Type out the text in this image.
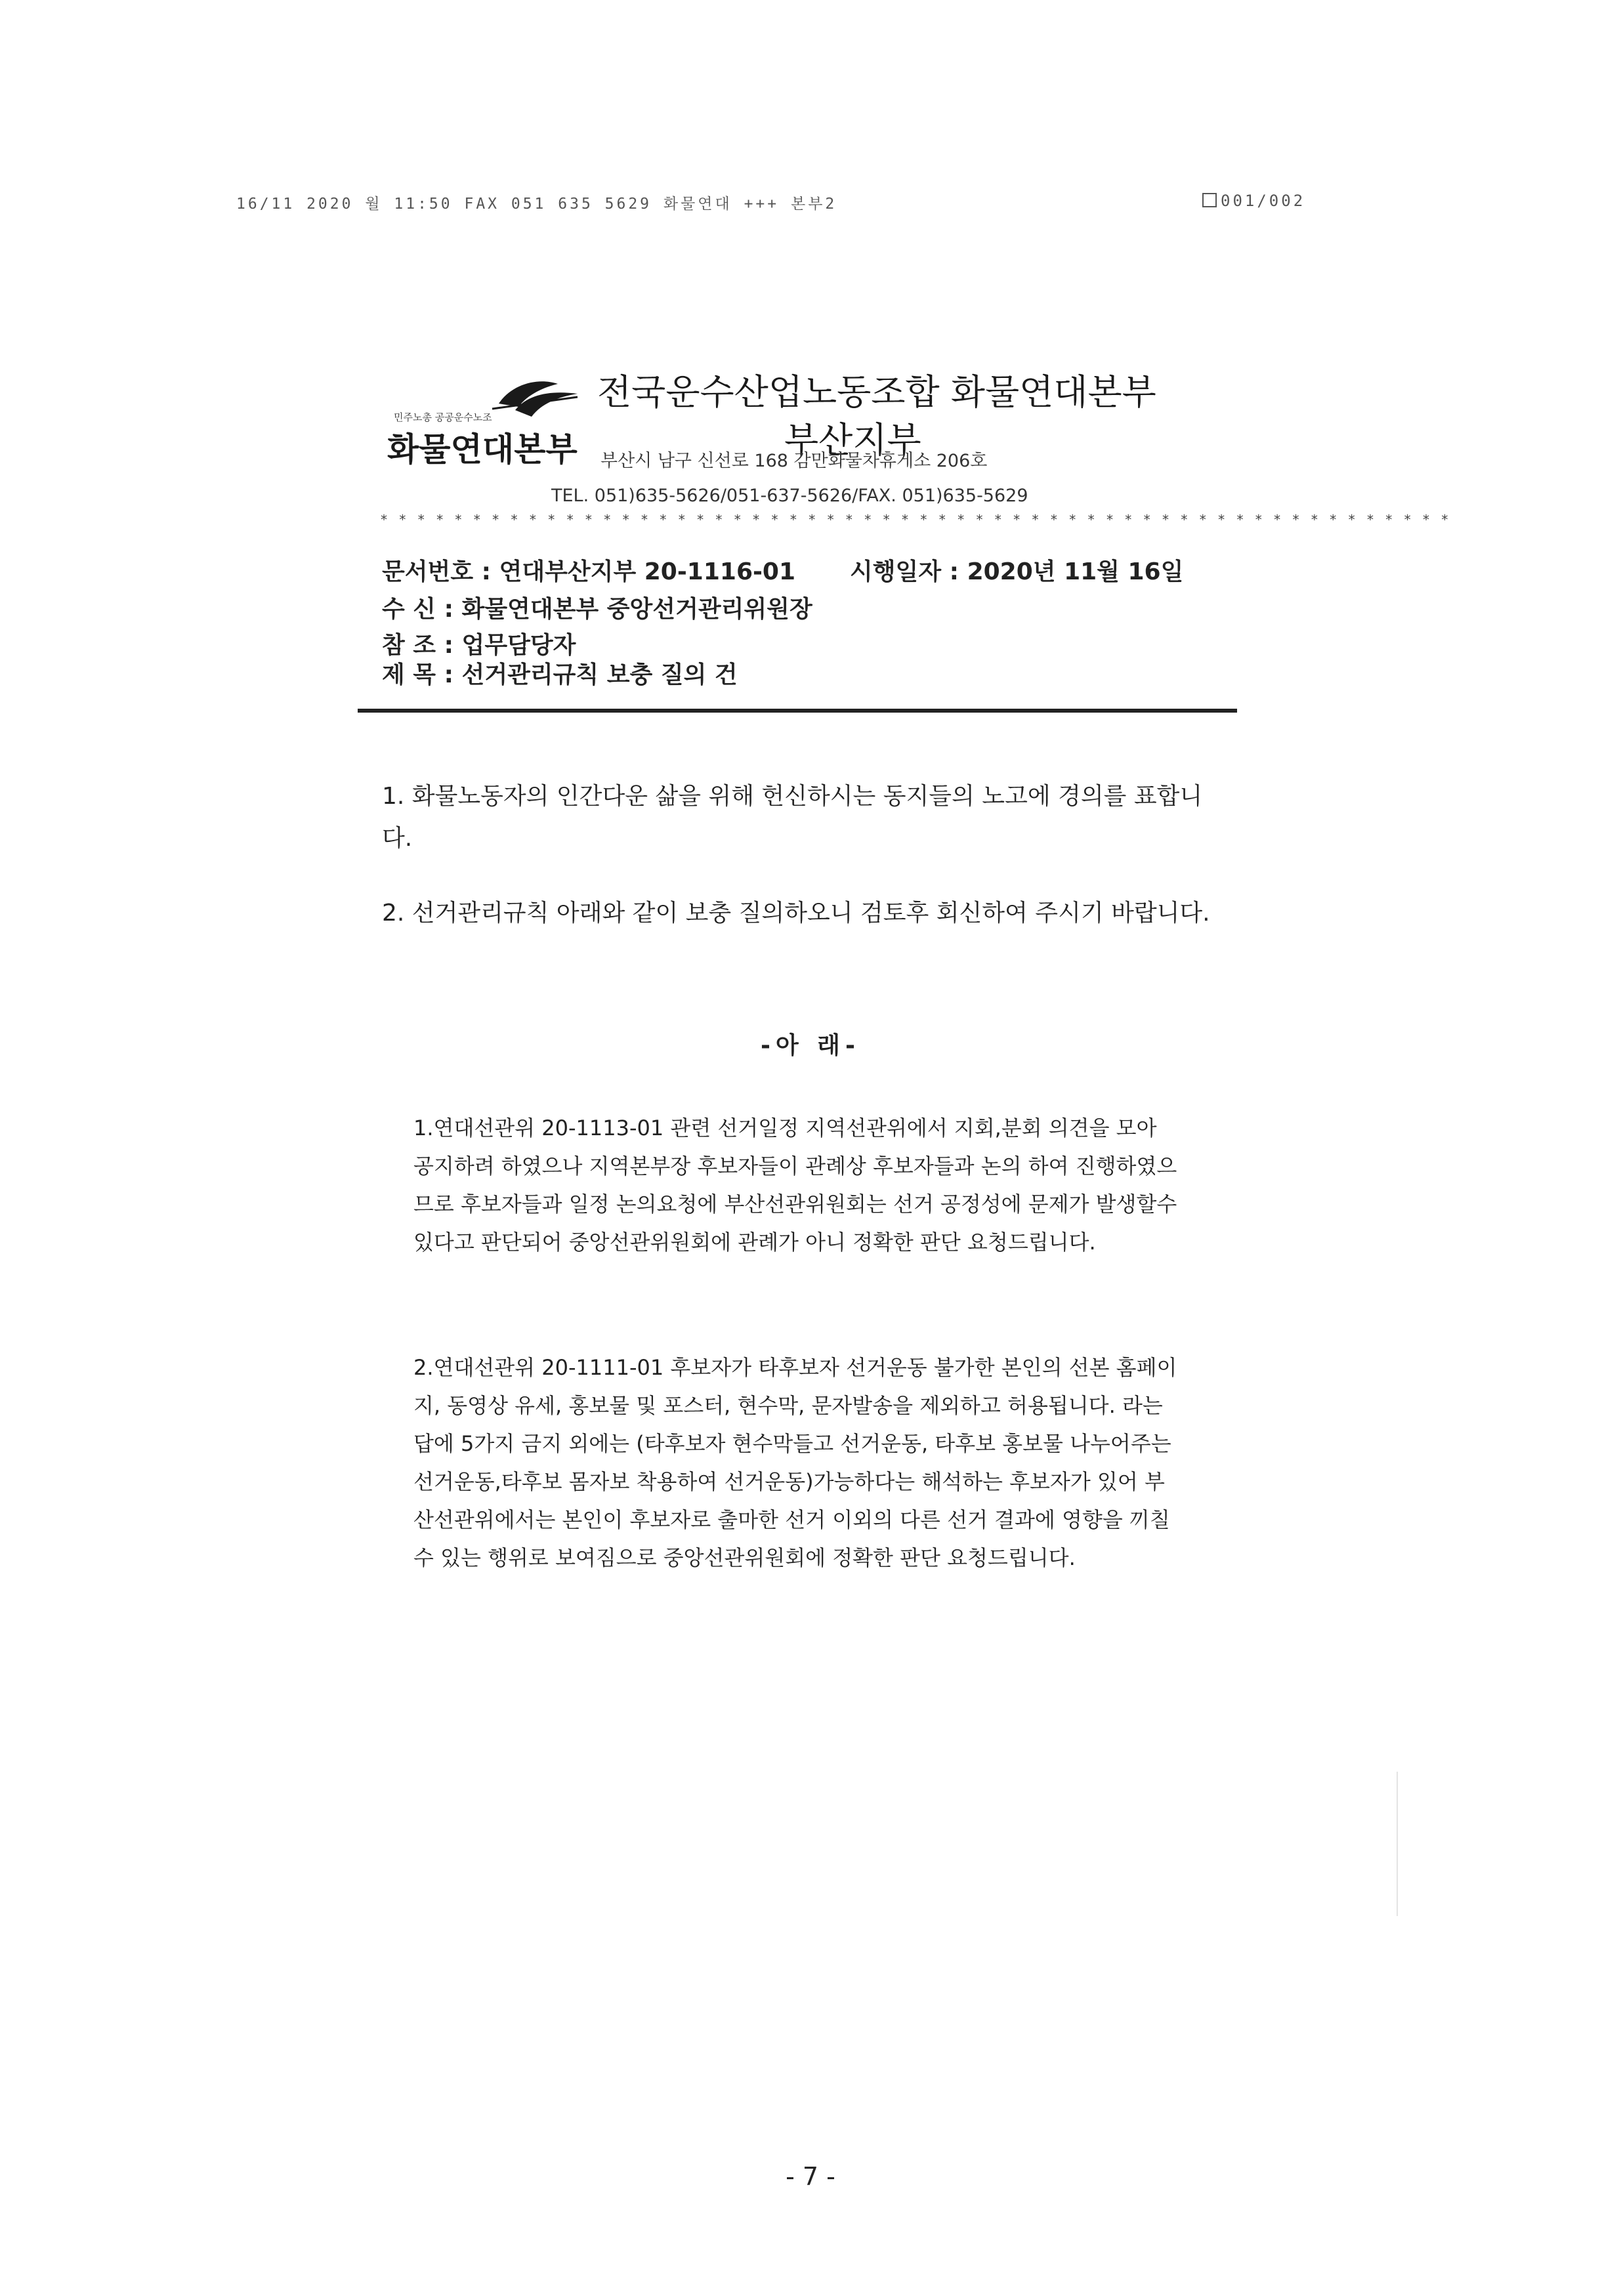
16/11 2020 월 11:50 FAX 051 635 5629 화물연대 +++ 본부2	001/002
민주노총 공공운수노조
화물연대본부
전국운수산업노동조합 화물연대본부
부산지부
부산시 남구 신선로 168 감만화물차휴게소 206호
TEL. 051)635-5626/051-637-5626/FAX. 051)635-5629
* * * * * * * * * * * * * * * * * * * * * * * * * * * * * * * * * * * * * * * * * * * * * * * * * * * * * * * * * *
문서번호 : 연대부산지부 20-1116-01 시행일자 : 2020년 11월 16일
수 신 : 화물연대본부 중앙선거관리위원장
참 조 : 업무담당자
제 목 : 선거관리규칙 보충 질의 건
1. 화물노동자의 인간다운 삶을 위해 헌신하시는 동지들의 노고에 경의를 표합니다.
2. 선거관리규칙 아래와 같이 보충 질의하오니 검토후 회신하여 주시기 바랍니다.
-아 래-
1.연대선관위 20-1113-01 관련 선거일정 지역선관위에서 지회,분회 의견을 모아 공지하려 하였으나 지역본부장 후보자들이 관례상 후보자들과 논의 하여 진행하였으므로 후보자들과 일정 논의요청에 부산선관위원회는 선거 공정성에 문제가 발생할수 있다고 판단되어 중앙선관위원회에 관례가 아니 정확한 판단 요청드립니다.
2.연대선관위 20-1111-01 후보자가 타후보자 선거운동 불가한 본인의 선본 홈페이지, 동영상 유세, 홍보물 및 포스터, 현수막, 문자발송을 제외하고 허용됩니다. 라는 답에 5가지 금지 외에는 (타후보자 현수막들고 선거운동, 타후보 홍보물 나누어주는 선거운동,타후보 몸자보 착용하여 선거운동)가능하다는 해석하는 후보자가 있어 부산선관위에서는 본인이 후보자로 출마한 선거 이외의 다른 선거 결과에 영향을 끼칠 수 있는 행위로 보여짐으로 중앙선관위원회에 정확한 판단 요청드립니다.
- 7 -
